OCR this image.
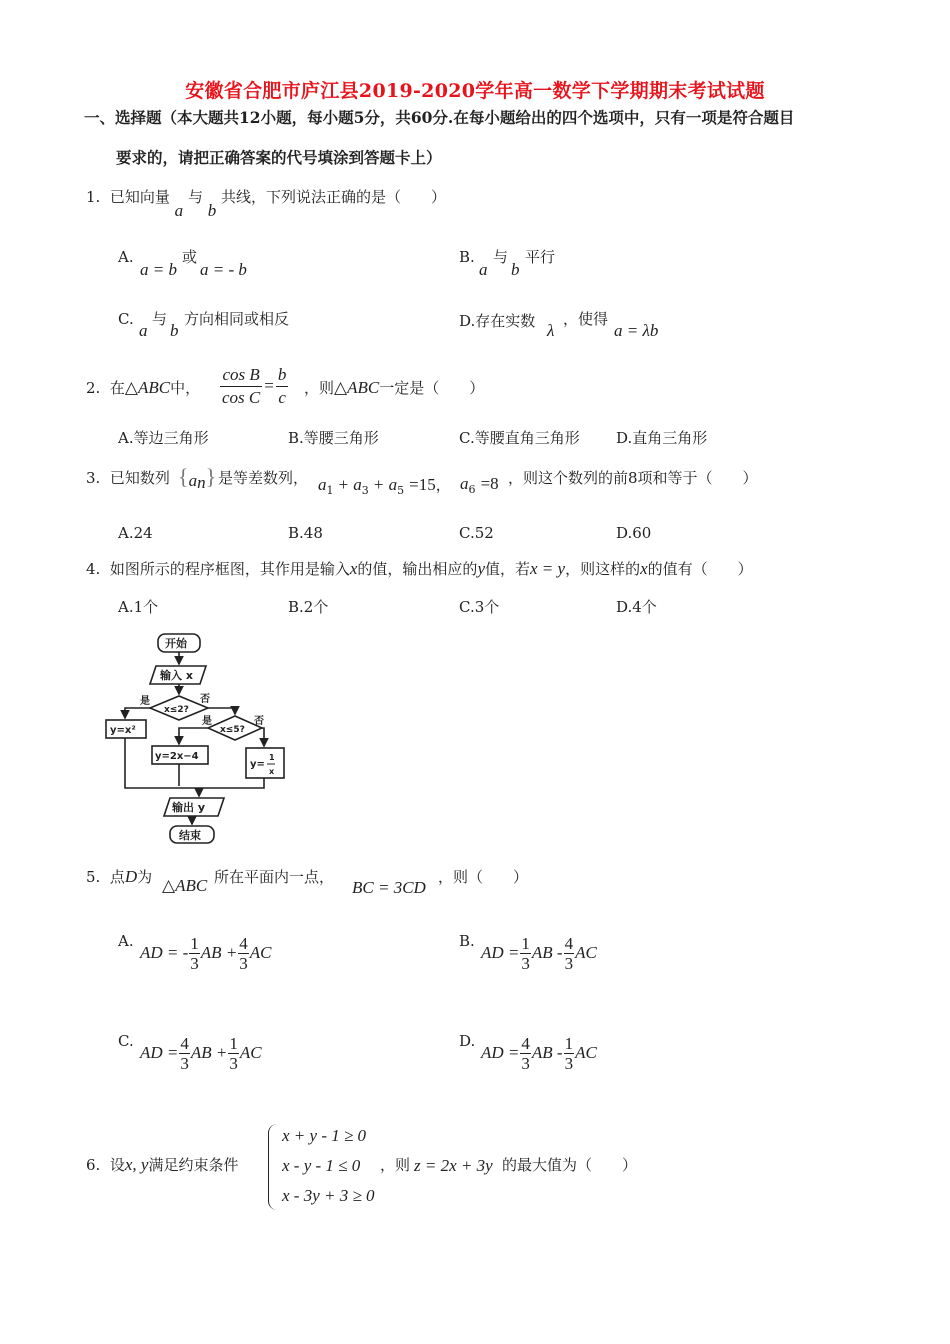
安徽省合肥市庐江县2019-2020学年高一数学下学期期末考试试题
一、选择题（本大题共12小题，每小题5分，共60分.在每小题给出的四个选项中，只有一项是符合题目
要求的，请把正确答案的代号填涂到答题卡上）
1. 已知向量 a 与 b 共线，下列说法正确的是（　　）
A.
a = b
或
a = - b
B.
a
与
b
平行
C.
a
与
b
方向相同或相反	D.存在实数 λ
，使得
a = λb
2. 在△ABC中， $\frac{\text{cos B}}{\text{cos C}} = \frac{b}{c}$ ，则△ABC一定是（　　）
A.等边三角形	B.等腰三角形	C.等腰直角三角形 D.直角三角形
3. 已知数列 $\{a_n\}$ 是等差数列， $a_1 + a_3 + a_5 =15$， $a_6 =8$ ，则这个数列的前8项和等于（　　）
A.24	B.48	C.52	D.60
4. 如图所示的程序框图，其作用是输入x的值，输出相应的y值，若x = y，则这样的x的值有（　　）
A.1个	B.2个	C.3个	D.4个
开始
输入 x
x≤2?
是	否
x≤5?
是	否
y=x²
y=2x−4
y=
1
x
输出 y
结束
5. 点D为 △ABC 所在平面内一点，
BC = 3CD
，则（　　）
A.
AD = - $\frac{1}{3}$ AB + $\frac{4}{3}$ AC
B.
AD = $\frac{1}{3}$ AB - $\frac{4}{3}$ AC
C.
AD = $\frac{4}{3}$ AB + $\frac{1}{3}$ AC
D.
AD = $\frac{4}{3}$ AB - $\frac{1}{3}$ AC
6. 设x, y满足约束条件
x + y - 1 ≥ 0
x - y - 1 ≤ 0
x - 3y + 3 ≥ 0
，则 z = 2x + 3y 的最大值为（　　）
